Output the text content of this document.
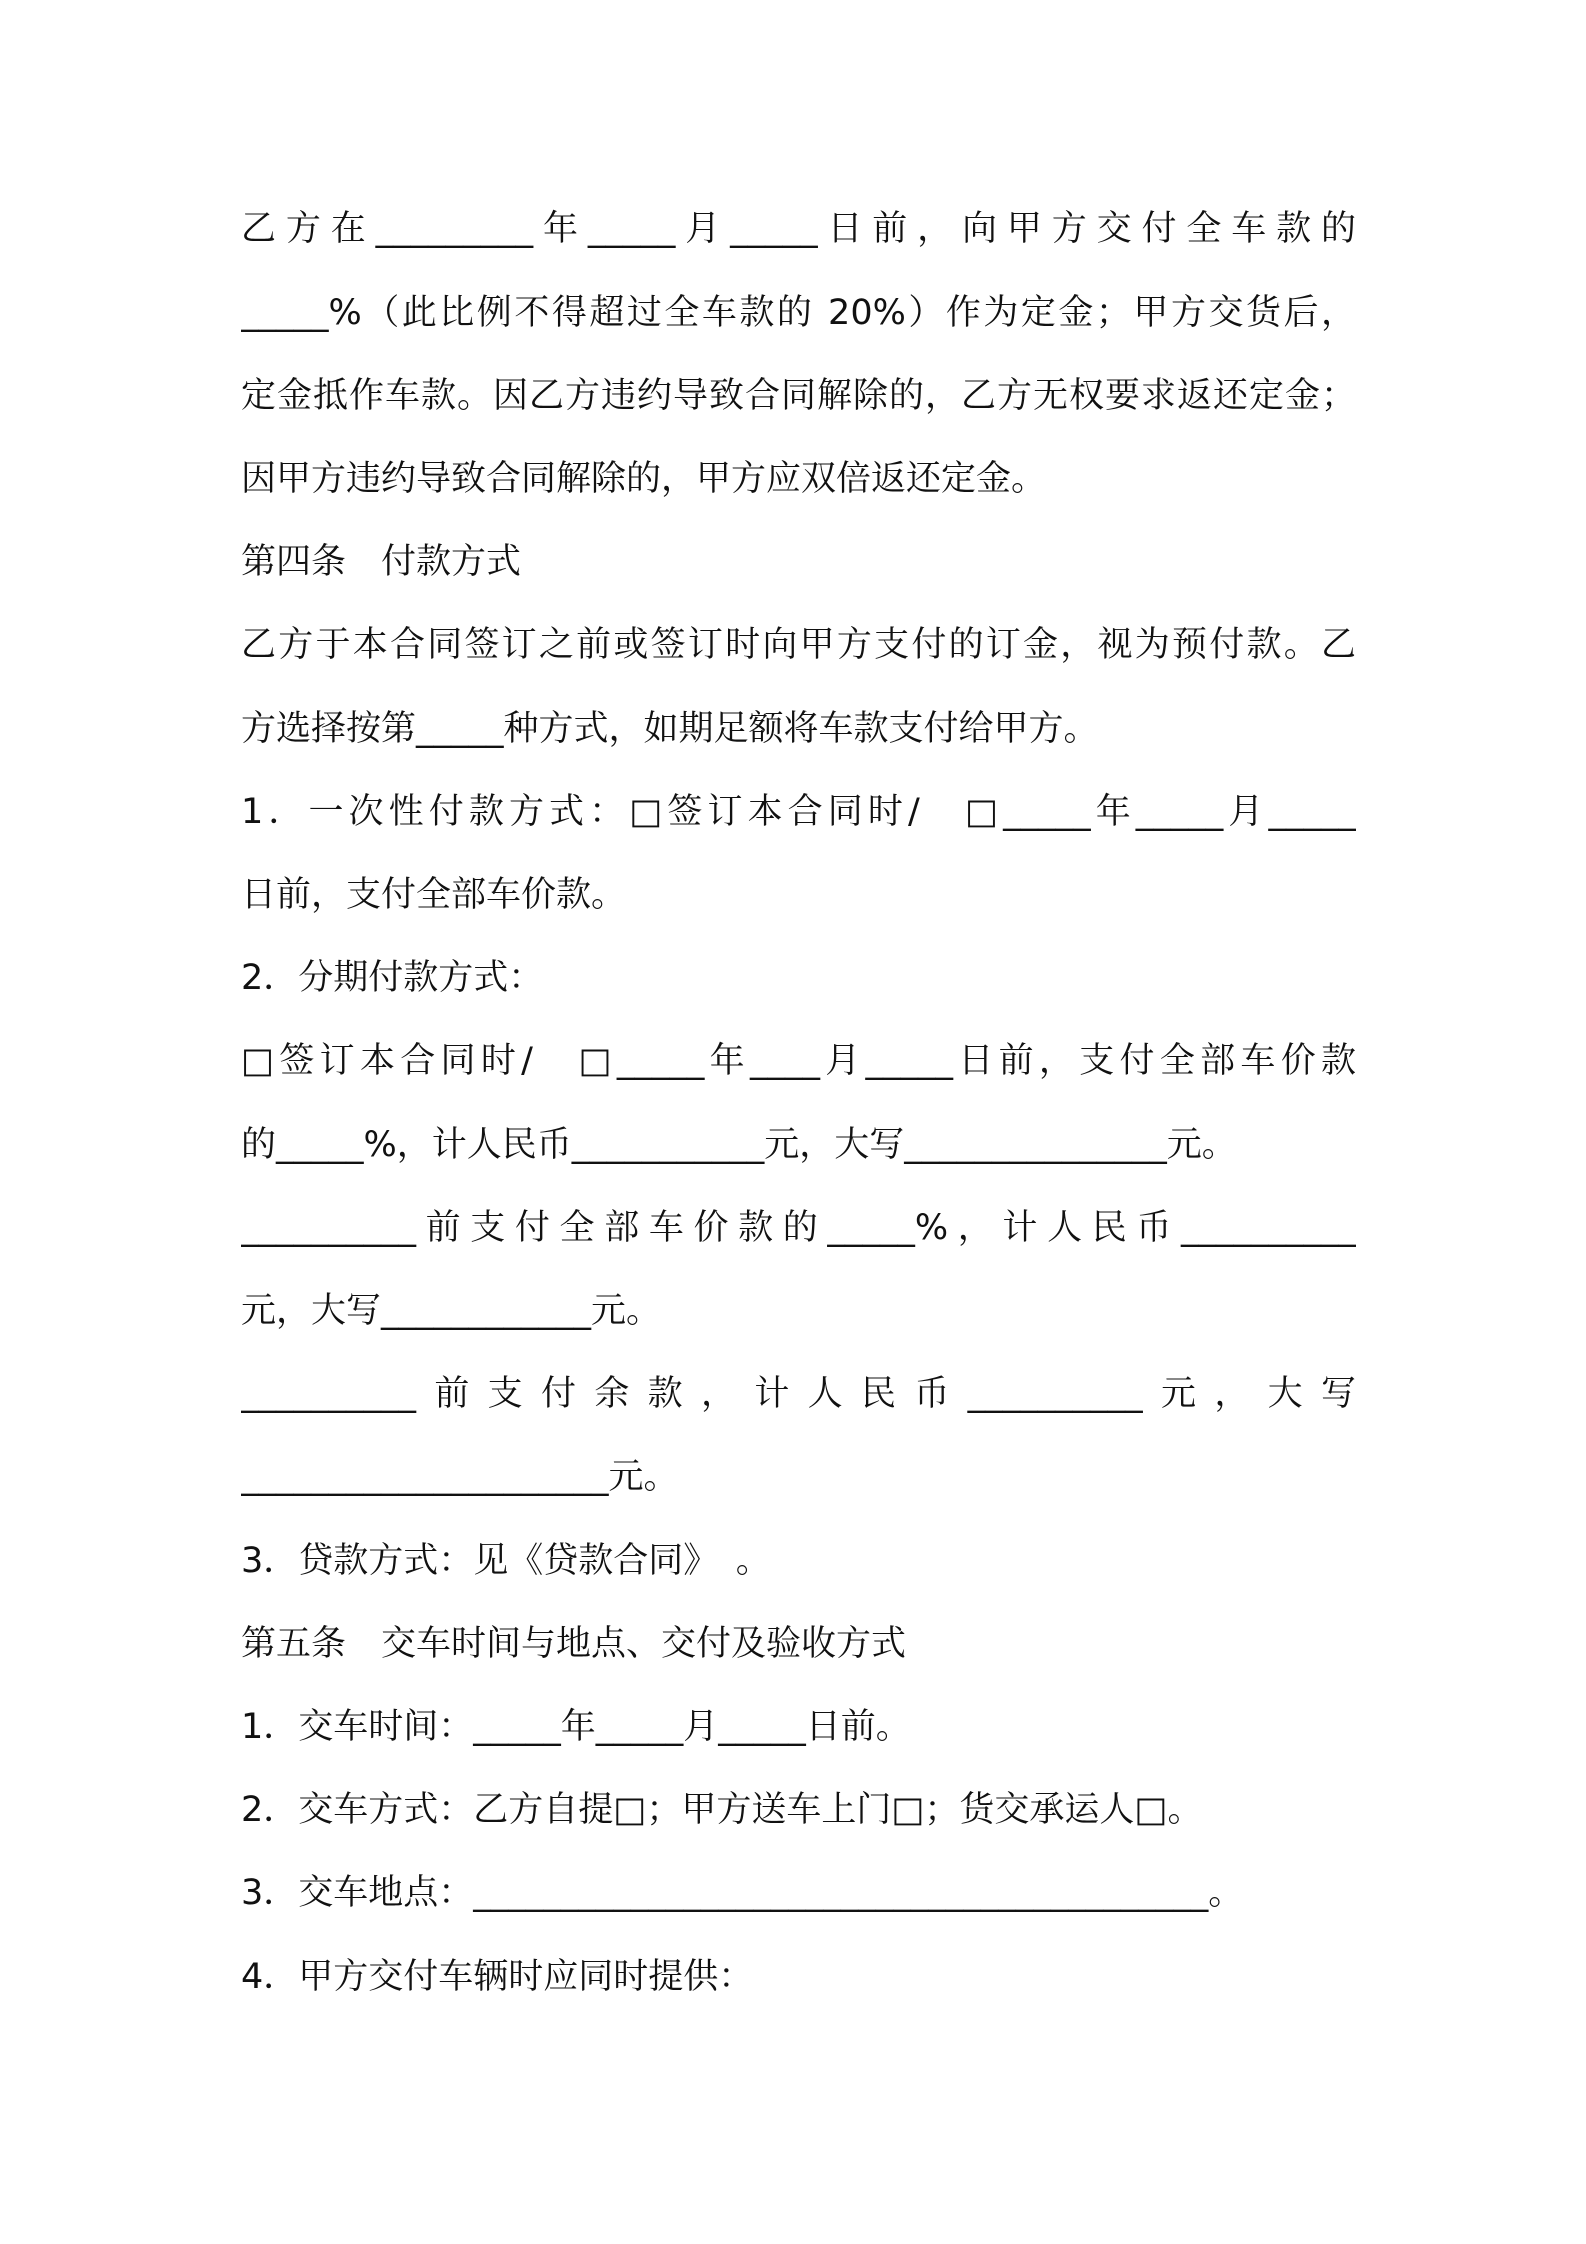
乙方在_________年_____月_____日前，向甲方交付全车款的
_____%（此比例不得超过全车款的 20%）作为定金；甲方交货后，
定金抵作车款。因乙方违约导致合同解除的，乙方无权要求返还定金；
因甲方违约导致合同解除的，甲方应双倍返还定金。
第四条　付款方式
乙方于本合同签订之前或签订时向甲方支付的订金，视为预付款。乙
方选择按第_____种方式，如期足额将车款支付给甲方。
1．一次性付款方式：□签订本合同时/　□_____年_____月_____
日前，支付全部车价款。
2．分期付款方式：
□签订本合同时/　□_____年____月_____日前，支付全部车价款
的_____%，计人民币___________元，大写_______________元。
__________前支付全部车价款的_____%，计人民币__________
元，大写____________元。
__________前支付余款，计人民币__________元，大写
_____________________元。
3．贷款方式：见《贷款合同》　。
第五条　交车时间与地点、交付及验收方式
1．交车时间：_____年_____月_____日前。
2．交车方式：乙方自提□；甲方送车上门□；货交承运人□。
3．交车地点：__________________________________________。
4．甲方交付车辆时应同时提供：
